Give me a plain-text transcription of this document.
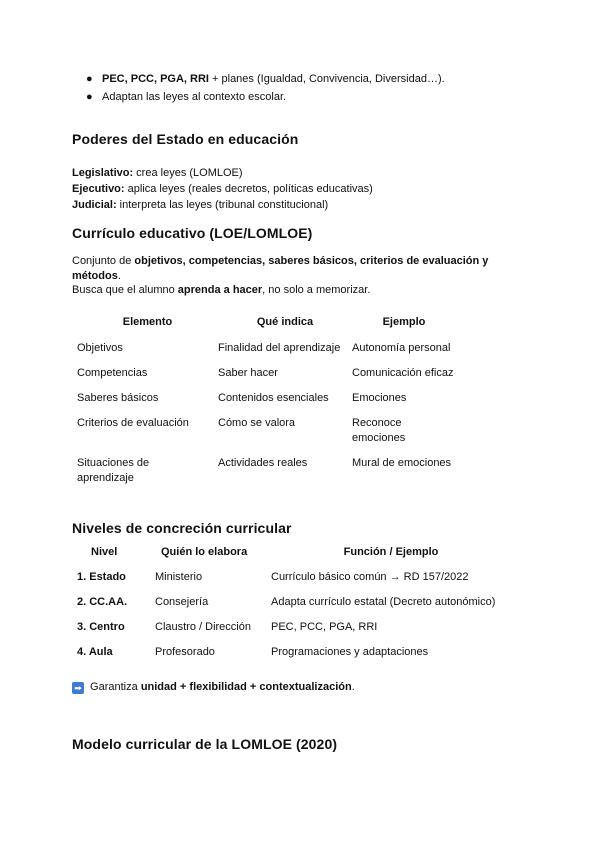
● PEC, PCC, PGA, RRI + planes (Igualdad, Convivencia, Diversidad…).
● Adaptan las leyes al contexto escolar.
Poderes del Estado en educación
Legislativo: crea leyes (LOMLOE)
Ejecutivo: aplica leyes (reales decretos, políticas educativas)
Judicial: interpreta las leyes (tribunal constitucional)
Currículo educativo (LOE/LOMLOE)
Conjunto de objetivos, competencias, saberes básicos, criterios de evaluación y métodos.
Busca que el alumno aprenda a hacer, no solo a memorizar.
Elemento	Qué indica	Ejemplo
Objetivos	Finalidad del aprendizaje	Autonomía personal
Competencias	Saber hacer	Comunicación eficaz
Saberes básicos	Contenidos esenciales	Emociones
Criterios de evaluación	Cómo se valora	Reconoce emociones
Situaciones de aprendizaje	Actividades reales	Mural de emociones
Niveles de concreción curricular
Nivel	Quién lo elabora	Función / Ejemplo
1. Estado	Ministerio	Currículo básico común → RD 157/2022
2. CC.AA.	Consejería	Adapta currículo estatal (Decreto autonómico)
3. Centro	Claustro / Dirección	PEC, PCC, PGA, RRI
4. Aula	Profesorado	Programaciones y adaptaciones
➡ Garantiza unidad + flexibilidad + contextualización.
Modelo curricular de la LOMLOE (2020)
